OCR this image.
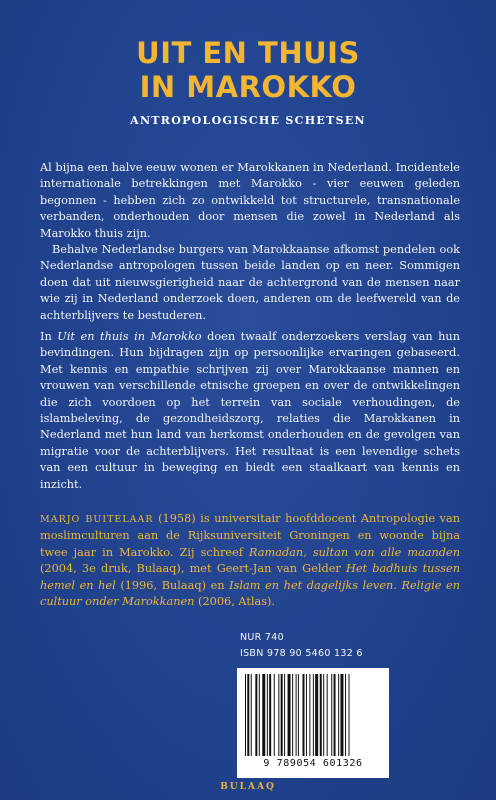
UIT EN THUIS
IN MAROKKO
ANTROPOLOGISCHE SCHETSEN

Al bijna een halve eeuw wonen er Marokkanen in Nederland. Incidentele internationale betrekkingen met Marokko - vier eeuwen geleden begonnen - hebben zich zo ontwikkeld tot structurele, transnationale verbanden, onderhouden door mensen die zowel in Nederland als Marokko thuis zijn.

Behalve Nederlandse burgers van Marokkaanse afkomst pendelen ook Nederlandse antropologen tussen beide landen op en neer. Sommigen doen dat uit nieuwsgierigheid naar de achtergrond van de mensen naar wie zij in Nederland onderzoek doen, anderen om de leefwereld van de achterblijvers te bestuderen.

In Uit en thuis in Marokko doen twaalf onderzoekers verslag van hun bevindingen. Hun bijdragen zijn op persoonlijke ervaringen gebaseerd. Met kennis en empathie schrijven zij over Marokkaanse mannen en vrouwen van verschillende etnische groepen en over de ontwikkelingen die zich voordoen op het terrein van sociale verhoudingen, de islambeleving, de gezondheidszorg, relaties die Marokkanen in Nederland met hun land van herkomst onderhouden en de gevolgen van migratie voor de achterblijvers. Het resultaat is een levendige schets van een cultuur in beweging en biedt een staalkaart van kennis en inzicht.

MARJO BUITELAAR (1958) is universitair hoofddocent Antropologie van moslimculturen aan de Rijksuniversiteit Groningen en woonde bijna twee jaar in Marokko. Zij schreef Ramadan, sultan van alle maanden (2004, 3e druk, Bulaaq), met Geert-Jan van Gelder Het badhuis tussen hemel en hel (1996, Bulaaq) en Islam en het dagelijks leven. Religie en cultuur onder Marokkanen (2006, Atlas).
NUR 740
ISBN 978 90 5460 132 6
9 789054 601326
BULAAQ
